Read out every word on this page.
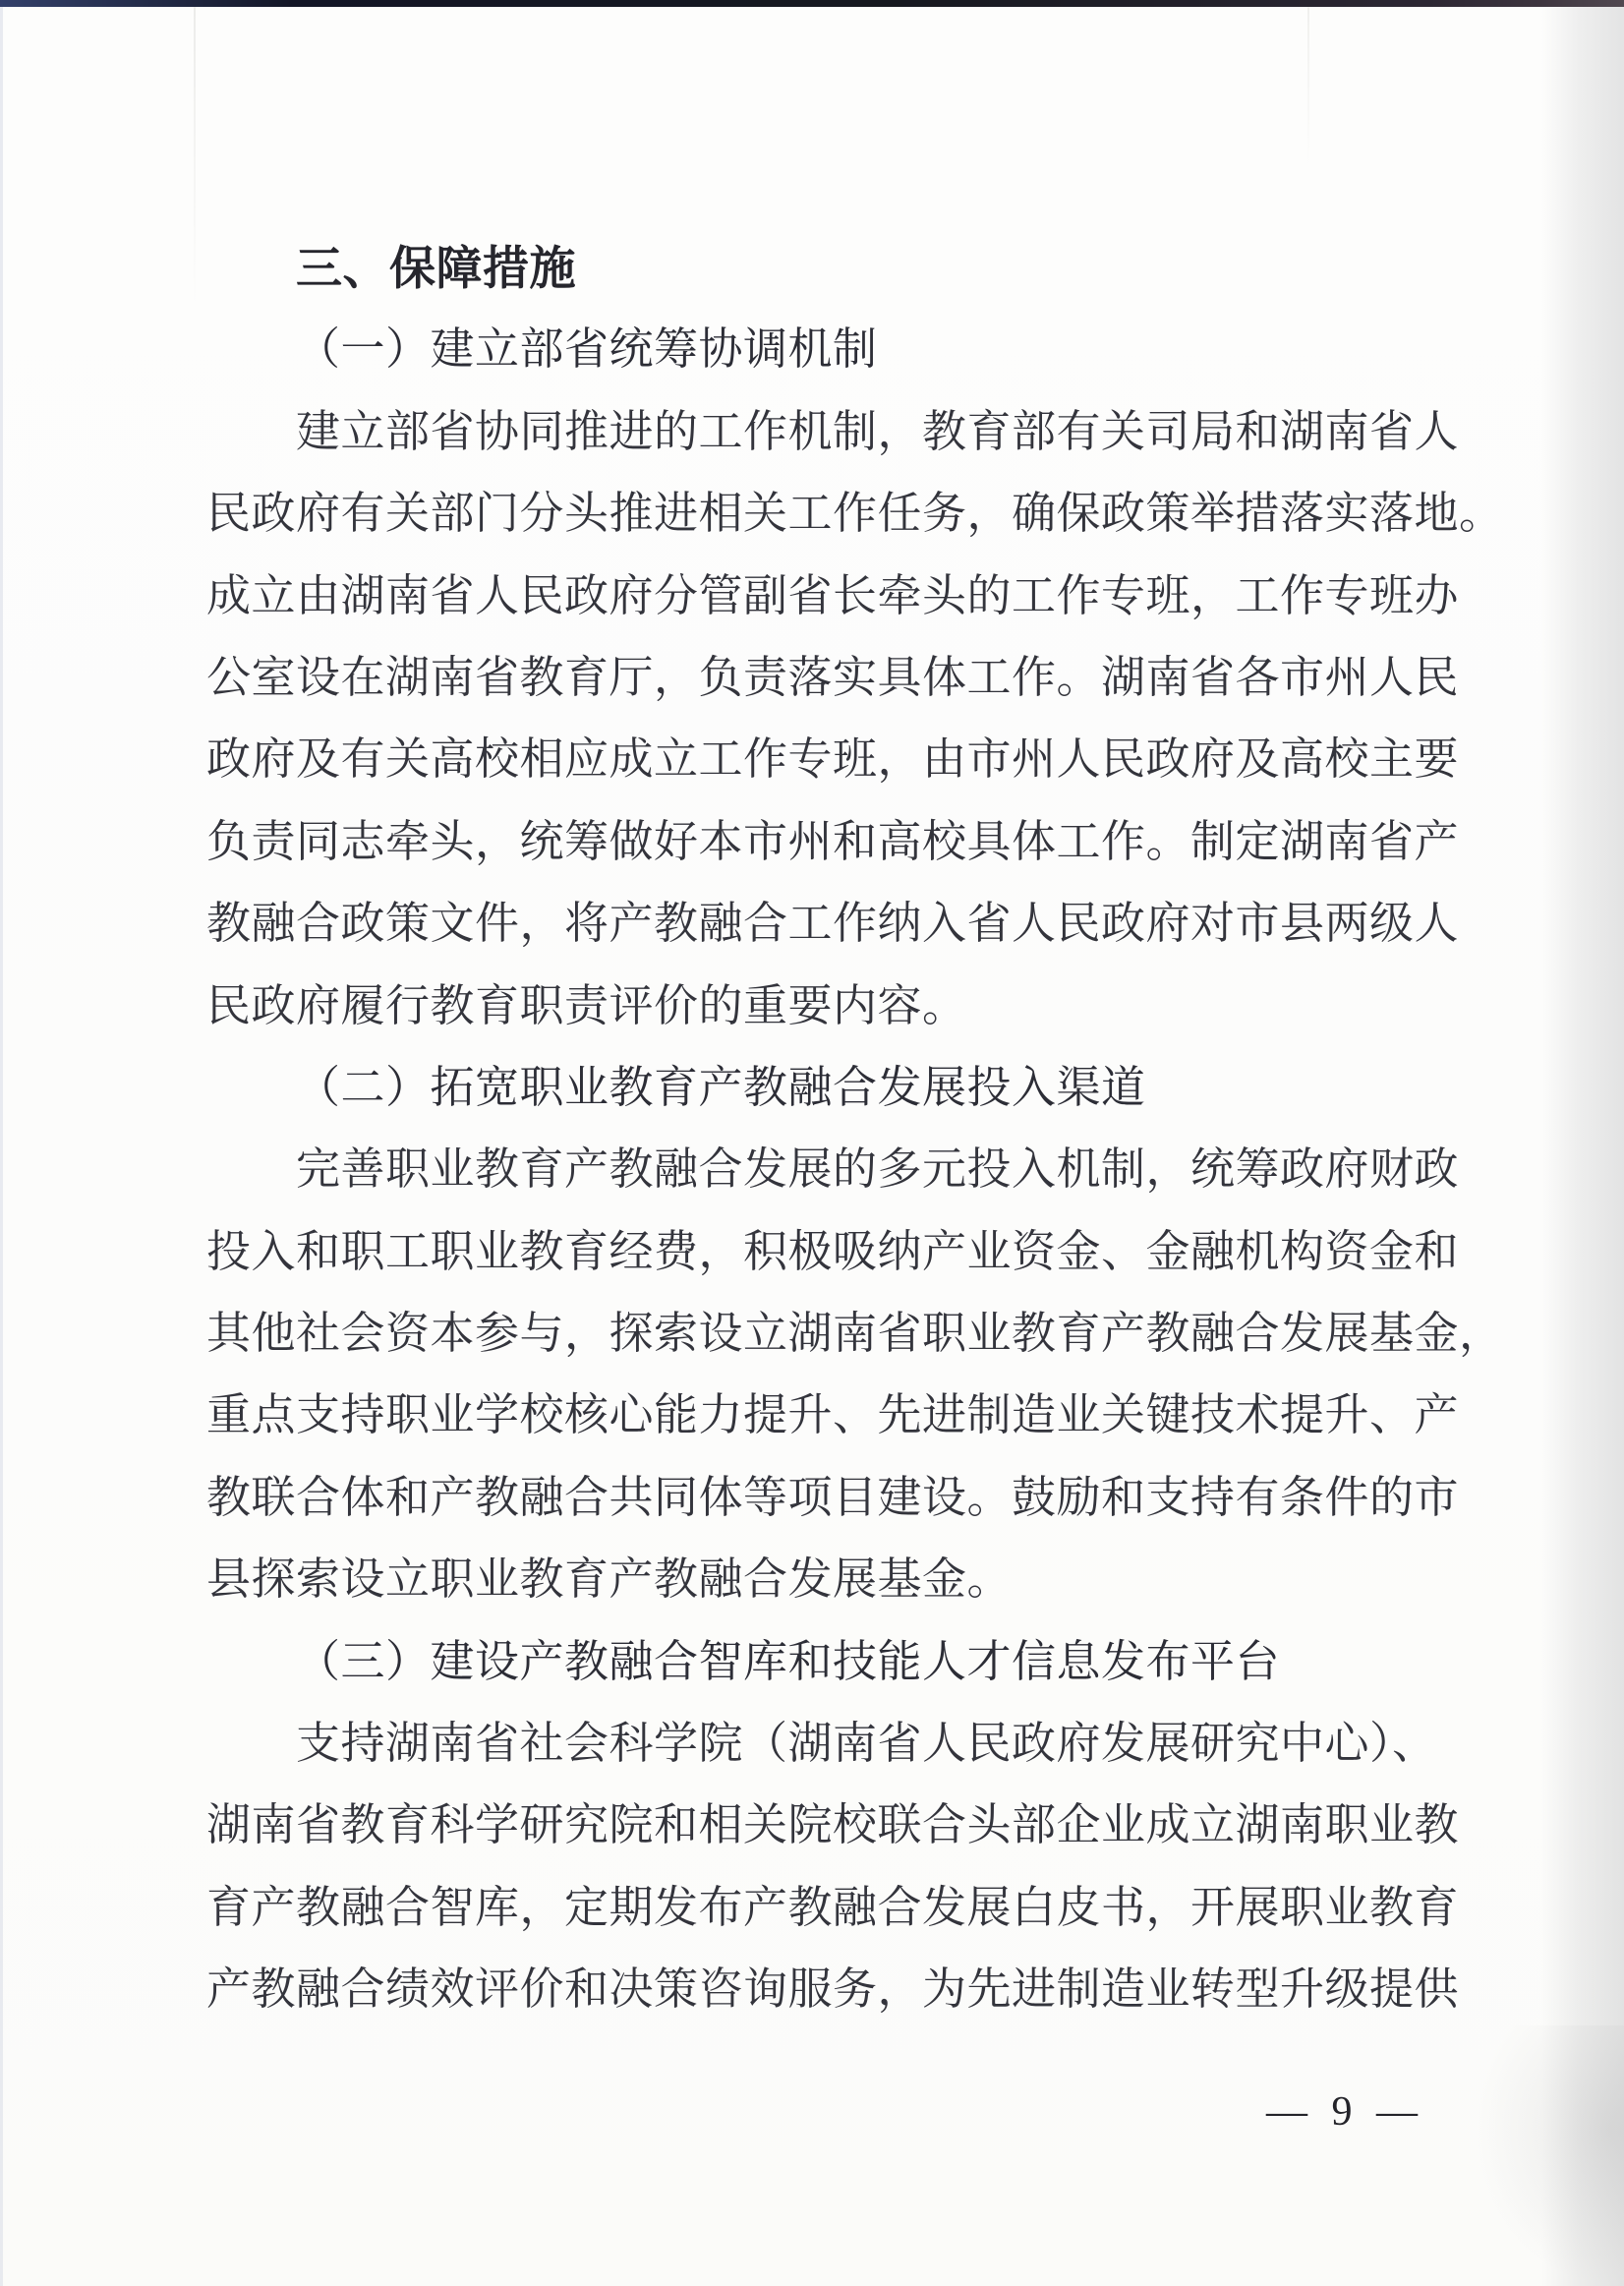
三、保障措施
（一）建立部省统筹协调机制
建立部省协同推进的工作机制，教育部有关司局和湖南省人
民政府有关部门分头推进相关工作任务，确保政策举措落实落地。
成立由湖南省人民政府分管副省长牵头的工作专班，工作专班办
公室设在湖南省教育厅，负责落实具体工作。湖南省各市州人民
政府及有关高校相应成立工作专班，由市州人民政府及高校主要
负责同志牵头，统筹做好本市州和高校具体工作。制定湖南省产
教融合政策文件，将产教融合工作纳入省人民政府对市县两级人
民政府履行教育职责评价的重要内容。
（二）拓宽职业教育产教融合发展投入渠道
完善职业教育产教融合发展的多元投入机制，统筹政府财政
投入和职工职业教育经费，积极吸纳产业资金、金融机构资金和
其他社会资本参与，探索设立湖南省职业教育产教融合发展基金，
重点支持职业学校核心能力提升、先进制造业关键技术提升、产
教联合体和产教融合共同体等项目建设。鼓励和支持有条件的市
县探索设立职业教育产教融合发展基金。
（三）建设产教融合智库和技能人才信息发布平台
支持湖南省社会科学院（湖南省人民政府发展研究中心）、
湖南省教育科学研究院和相关院校联合头部企业成立湖南职业教
育产教融合智库，定期发布产教融合发展白皮书，开展职业教育
产教融合绩效评价和决策咨询服务，为先进制造业转型升级提供
— 9 —
